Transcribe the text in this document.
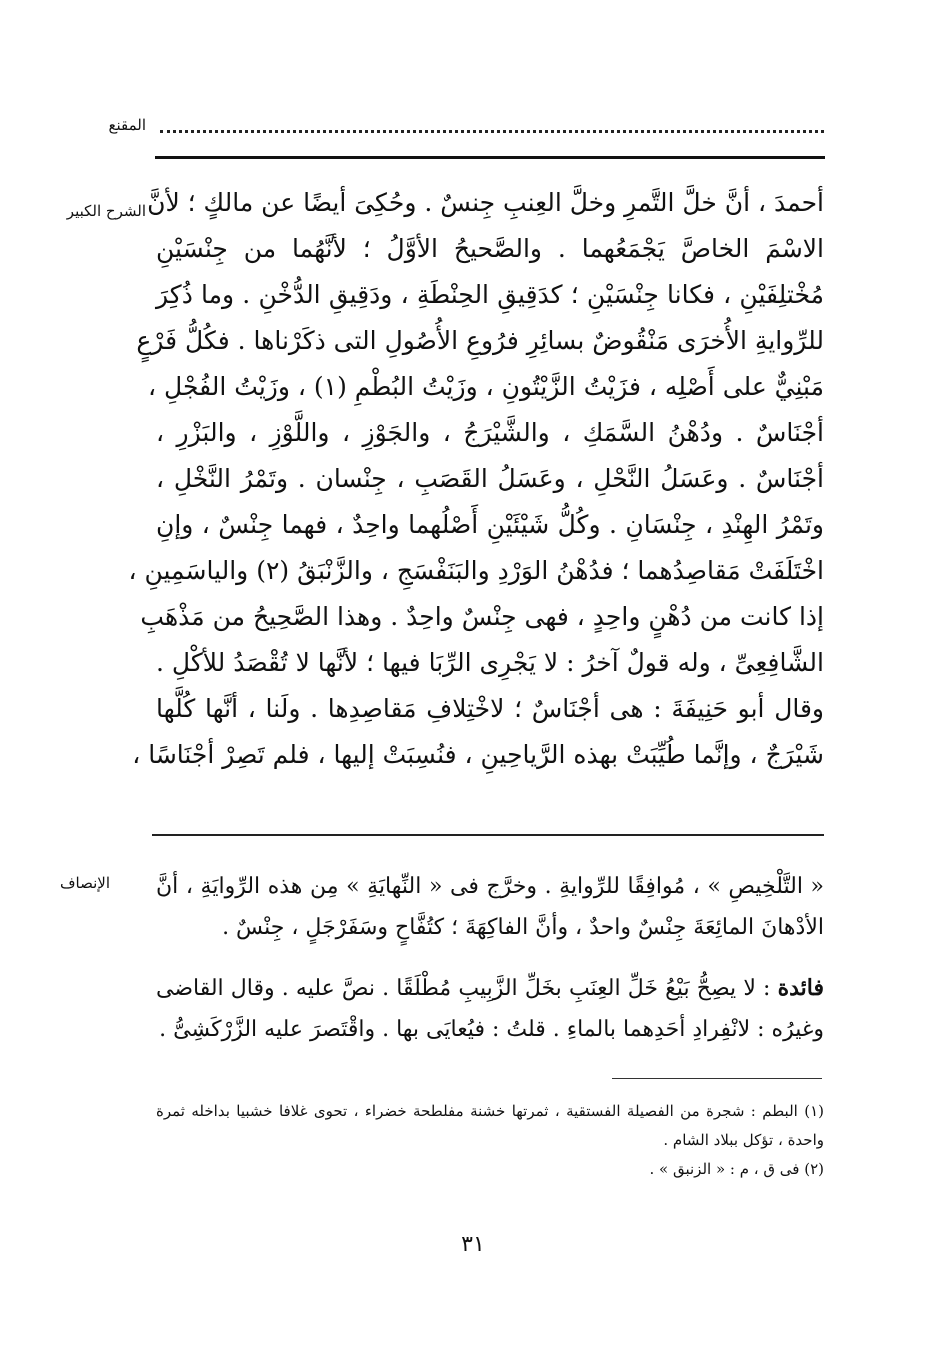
المقنع
الشرح الكبير أحمدَ ، أنَّ خلَّ التَّمرِ وخلَّ العِنبِ جِنسٌ . وحُكِىَ أيضًا عن مالكٍ ؛ لأنَّ
الاسْمَ الخاصَّ يَجْمَعُهما . والصَّحيحُ الأوَّلُ ؛ لأنَّهُما من جِنْسَيْنِ
مُخْتلِفَيْنِ ، فكانا جِنْسَيْنِ ؛ كدَقِيقِ الحِنْطَةِ ، ودَقِيقِ الدُّخْنِ . وما ذُكِرَ
للرِّوايةِ الأُخرَى مَنْقُوضٌ بسائِرِ فرُوعِ الأُصُولِ التى ذكَرْناها . فكُلُّ فَرْعٍ
مَبْنِيٌّ على أَصْلِه ، فزَيْتُ الزَّيْتُونِ ، وزَيْتُ البُطْمِ (١) ، وزَيْتُ الفُجْلِ ،
أجْنَاسٌ . ودُهْنُ السَّمَكِ ، والشَّيْرَجُ ، والجَوْزِ ، واللَّوْزِ ، والبَزْرِ ،
أجْنَاسٌ . وعَسَلُ النَّحْلِ ، وعَسَلُ القَصَبِ ، جِنْسان . وتَمْرُ النَّخْلِ ،
وتَمْرُ الهِنْدِ ، جِنْسَانِ . وكُلُّ شَيْئَيْنِ أَصْلُهما واحِدٌ ، فهما جِنْسٌ ، وإنِ
اخْتَلَفَتْ مَقاصِدُهما ؛ فدُهْنُ الوَرْدِ والبَنَفْسَجِ ، والزَّنْبَقُ (٢) والياسَمِينِ ،
إذا كانت من دُهْنٍ واحِدٍ ، فهى جِنْسٌ واحِدٌ . وهذا الصَّحِيحُ من مَذْهَبِ
الشَّافِعِىِّ ، وله قولٌ آخرُ : لا يَجْرِى الرِّبَا فيها ؛ لأنَّها لا تُقْصَدُ للأكْلِ .
وقال أبو حَنِيفَةَ : هى أجْنَاسٌ ؛ لاخْتِلافِ مَقاصِدِها . ولَنا ، أنَّها كُلَّها
شَيْرَجٌ ، وإنَّما طُيِّبَتْ بهذه الرَّياحِينِ ، فنُسِبَتْ إليها ، فلم تَصِرْ أجْنَاسًا ،
الإنصاف « التَّلْخِيصِ » ، مُوافِقًا للرِّوايةِ . وخرَّج فى « النِّهايَةِ » مِن هذه الرِّوايَةِ ، أنَّ
الأدْهانَ المائِعَةَ جِنْسٌ واحدٌ ، وأنَّ الفاكِهَةَ ؛ كتُفَّاحٍ وسَفَرْجَلٍ ، جِنْسٌ .
فائدة : لا يصِحُّ بَيْعُ خَلِّ العِنَبِ بخَلِّ الزَّبِيبِ مُطْلَقًا . نصَّ عليه . وقال القاضى
وغيرُه : لانْفِرادِ أحَدِهما بالماءِ . قلتُ : فيُعايَى بها . واقْتَصرَ عليه الزَّرْكَشِىُّ .
(١) البطم : شجرة من الفصيلة الفستقية ، ثمرتها خشنة مفلطحة خضراء ، تحوى غلافا خشبيا بداخله ثمرة
واحدة ، تؤكل ببلاد الشام .
(٢) فى ق ، م : « الزنبق » .
٣١
